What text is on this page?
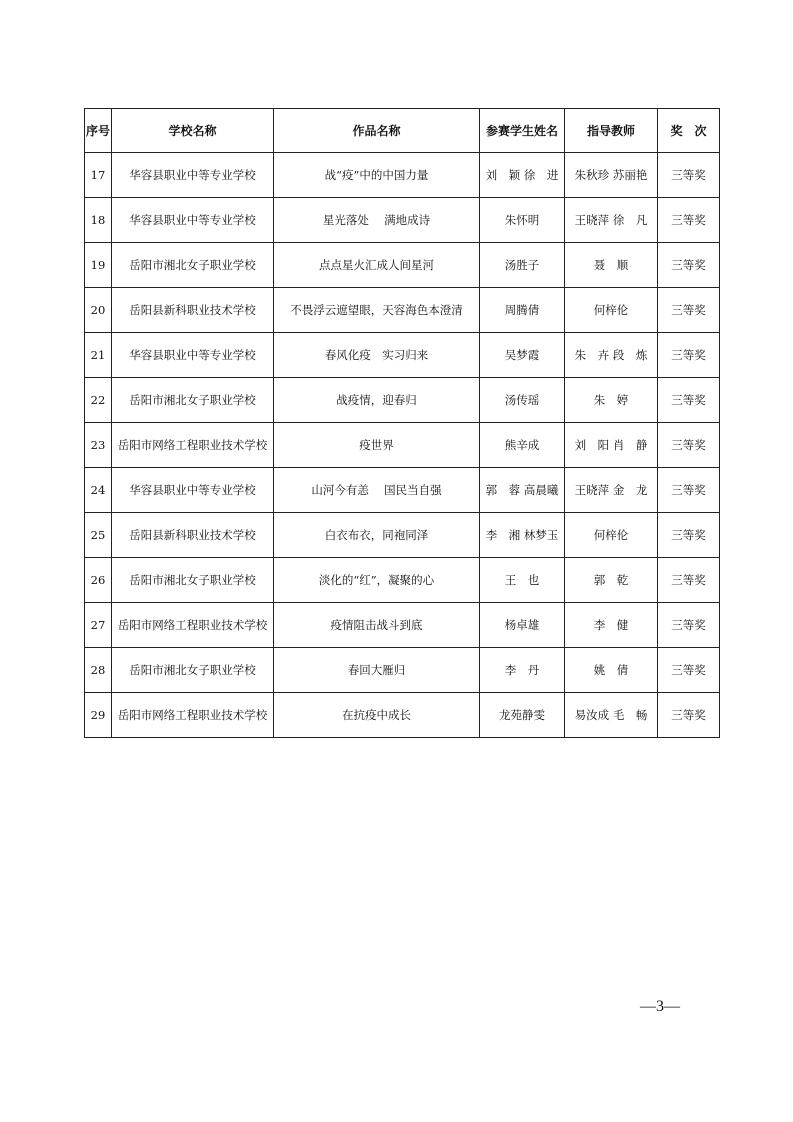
序号	学校名称	作品名称	参赛学生姓名	指导教师	奖　次
17	华容县职业中等专业学校	战“疫”中的中国力量	刘　颖 徐　进	朱秋珍 苏丽艳	三等奖
18	华容县职业中等专业学校	星光落处　 满地成诗	朱怀明	王晓萍 徐　凡	三等奖
19	岳阳市湘北女子职业学校	点点星火汇成人间星河	汤胜子	聂　顺	三等奖
20	岳阳县新科职业技术学校	不畏浮云遮望眼，天容海色本澄清	周腾倩	何梓伦	三等奖
21	华容县职业中等专业学校	春风化疫　实习归来	吴梦霞	朱　卉 段　炼	三等奖
22	岳阳市湘北女子职业学校	战疫情，迎春归	汤传瑶	朱　婷	三等奖
23	岳阳市网络工程职业技术学校	疫世界	熊辛成	刘　阳 肖　静	三等奖
24	华容县职业中等专业学校	山河今有恙　 国民当自强	郭　蓉 高晨曦	王晓萍 金　龙	三等奖
25	岳阳县新科职业技术学校	白衣布衣，同袍同泽	李　湘 林梦玉	何梓伦	三等奖
26	岳阳市湘北女子职业学校	淡化的“红”，凝聚的心	王　也	郭　乾	三等奖
27	岳阳市网络工程职业技术学校	疫情阻击战斗到底	杨卓雄	李　健	三等奖
28	岳阳市湘北女子职业学校	春回大雁归	李　丹	姚　倩	三等奖
29	岳阳市网络工程职业技术学校	在抗疫中成长	龙苑静雯	易汝成 毛　畅	三等奖
—3—
